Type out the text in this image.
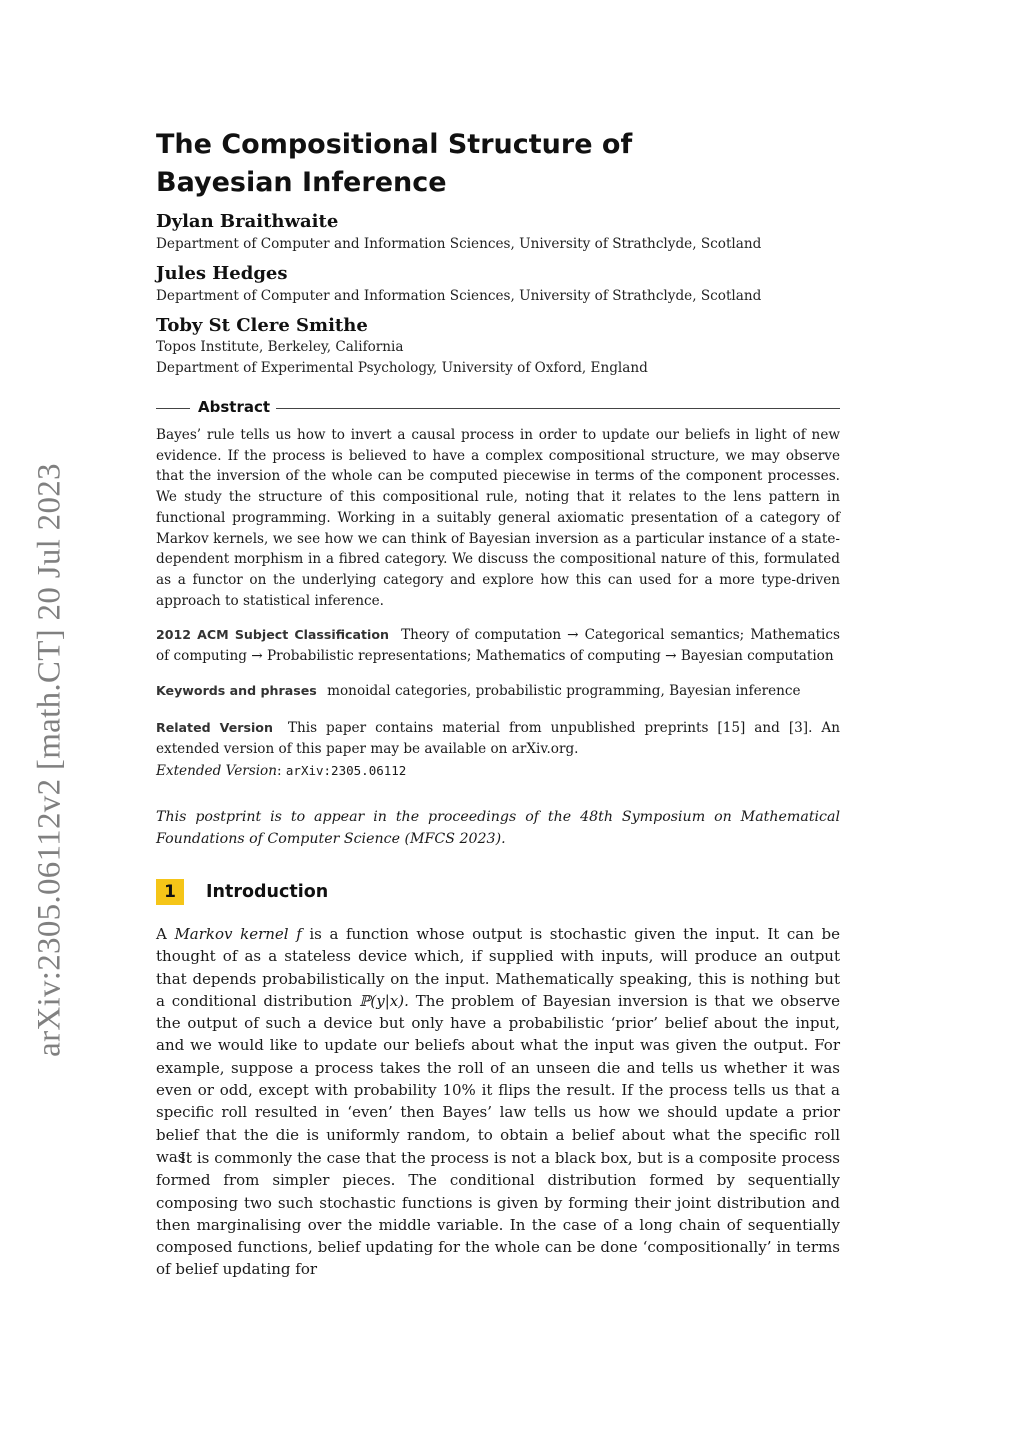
arXiv:2305.06112v2 [math.CT] 20 Jul 2023
The Compositional Structure of Bayesian Inference
Dylan Braithwaite
Department of Computer and Information Sciences, University of Strathclyde, Scotland
Jules Hedges
Department of Computer and Information Sciences, University of Strathclyde, Scotland
Toby St Clere Smithe
Topos Institute, Berkeley, California
Department of Experimental Psychology, University of Oxford, England
Abstract

Bayes’ rule tells us how to invert a causal process in order to update our beliefs in light of new evidence. If the process is believed to have a complex compositional structure, we may observe that the inversion of the whole can be computed piecewise in terms of the component processes. We study the structure of this compositional rule, noting that it relates to the lens pattern in functional programming. Working in a suitably general axiomatic presentation of a category of Markov kernels, we see how we can think of Bayesian inversion as a particular instance of a state-dependent morphism in a fibred category. We discuss the compositional nature of this, formulated as a functor on the underlying category and explore how this can used for a more type-driven approach to statistical inference.

2012 ACM Subject Classification Theory of computation → Categorical semantics; Mathematics of computing → Probabilistic representations; Mathematics of computing → Bayesian computation

Keywords and phrases monoidal categories, probabilistic programming, Bayesian inference

Related Version This paper contains material from unpublished preprints [15] and [3]. An extended version of this paper may be available on arXiv.org.
Extended Version: arXiv:2305.06112

This postprint is to appear in the proceedings of the 48th Symposium on Mathematical Foundations of Computer Science (MFCS 2023).

1	Introduction

A Markov kernel f is a function whose output is stochastic given the input. It can be thought of as a stateless device which, if supplied with inputs, will produce an output that depends probabilistically on the input. Mathematically speaking, this is nothing but a conditional distribution ℙ(y|x). The problem of Bayesian inversion is that we observe the output of such a device but only have a probabilistic ‘prior’ belief about the input, and we would like to update our beliefs about what the input was given the output. For example, suppose a process takes the roll of an unseen die and tells us whether it was even or odd, except with probability 10% it flips the result. If the process tells us that a specific roll resulted in ‘even’ then Bayes’ law tells us how we should update a prior belief that the die is uniformly random, to obtain a belief about what the specific roll was.

It is commonly the case that the process is not a black box, but is a composite process formed from simpler pieces. The conditional distribution formed by sequentially composing two such stochastic functions is given by forming their joint distribution and then marginalising over the middle variable. In the case of a long chain of sequentially composed functions, belief updating for the whole can be done ‘compositionally’ in terms of belief updating for
